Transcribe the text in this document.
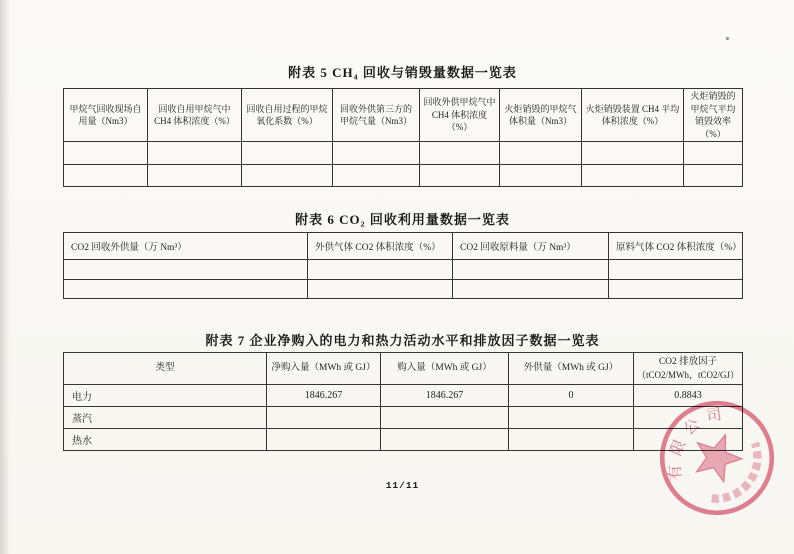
附表 5 CH₄ 回收与销毁量数据一览表
甲烷气回收现场自用量（Nm3）	回收自用甲烷气中CH4 体积浓度（%）	回收自用过程的甲烷氧化系数（%）	回收外供第三方的甲烷气量（Nm3）	回收外供甲烷气中 CH4 体积浓度（%）	火炬销毁的甲烷气体积量（Nm3）	火炬销毁装置 CH4 平均体积浓度（%）	火炬销毁的甲烷气平均销毁效率（%）

附表 6 CO₂ 回收利用量数据一览表
CO2 回收外供量（万 Nm³）	外供气体 CO2 体积浓度（%）	CO2 回收原料量（万 Nm³）	原料气体 CO2 体积浓度（%）

附表 7 企业净购入的电力和热力活动水平和排放因子数据一览表
类型	净购入量（MWh 或 GJ）	购入量（MWh 或 GJ）	外供量（MWh 或 GJ）	CO2 排放因子
（tCO2/MWh，tCO2/GJ）

电力	1846.267	1846.267	0	0.8843
蒸汽				
热水				
11/11
有限公司
